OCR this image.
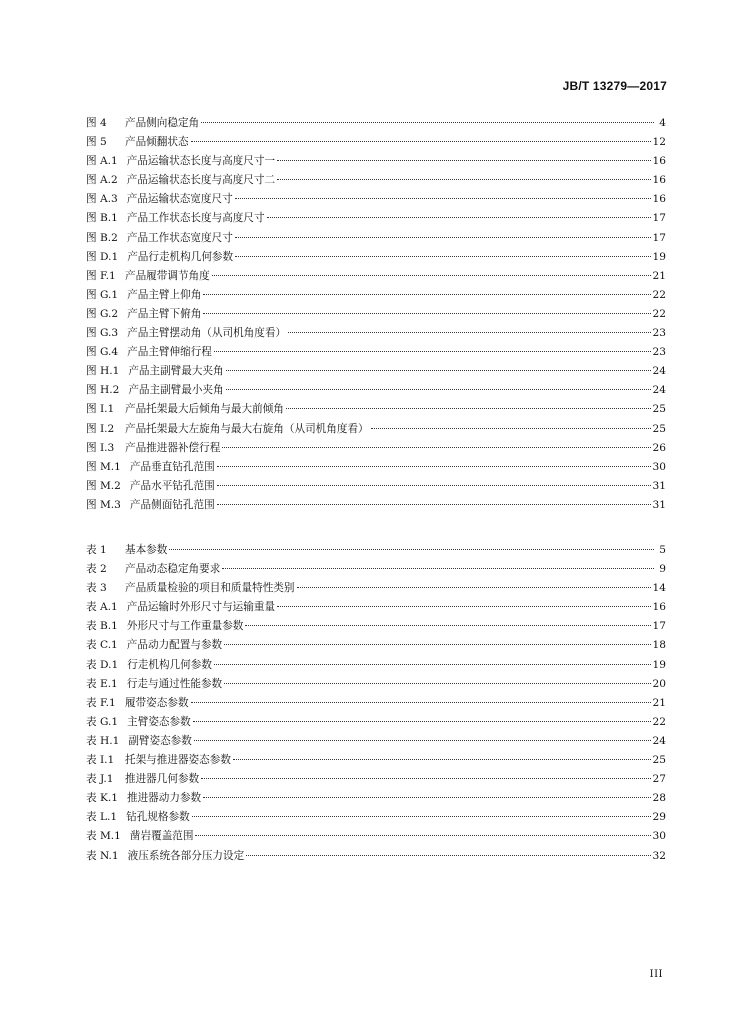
JB/T 13279—2017
图 4	产品侧向稳定角	4
图 5	产品倾翻状态	12
图 A.1 产品运输状态长度与高度尺寸一	16
图 A.2 产品运输状态长度与高度尺寸二	16
图 A.3 产品运输状态宽度尺寸	16
图 B.1 产品工作状态长度与高度尺寸	17
图 B.2 产品工作状态宽度尺寸	17
图 D.1 产品行走机构几何参数	19
图 F.1 产品履带调节角度	21
图 G.1 产品主臂上仰角	22
图 G.2 产品主臂下俯角	22
图 G.3 产品主臂摆动角（从司机角度看）	23
图 G.4 产品主臂伸缩行程	23
图 H.1 产品主副臂最大夹角	24
图 H.2 产品主副臂最小夹角	24
图 I.1 产品托架最大后倾角与最大前倾角	25
图 I.2 产品托架最大左旋角与最大右旋角（从司机角度看）	25
图 I.3 产品推进器补偿行程	26
图 M.1 产品垂直钻孔范围	30
图 M.2 产品水平钻孔范围	31
图 M.3 产品侧面钻孔范围	31
表 1	基本参数	5
表 2	产品动态稳定角要求	9
表 3	产品质量检验的项目和质量特性类别	14
表 A.1 产品运输时外形尺寸与运输重量	16
表 B.1 外形尺寸与工作重量参数	17
表 C.1 产品动力配置与参数	18
表 D.1 行走机构几何参数	19
表 E.1 行走与通过性能参数	20
表 F.1 履带姿态参数	21
表 G.1 主臂姿态参数	22
表 H.1 副臂姿态参数	24
表 I.1 托架与推进器姿态参数	25
表 J.1 推进器几何参数	27
表 K.1 推进器动力参数	28
表 L.1 钻孔规格参数	29
表 M.1 凿岩覆盖范围	30
表 N.1 液压系统各部分压力设定	32
III
